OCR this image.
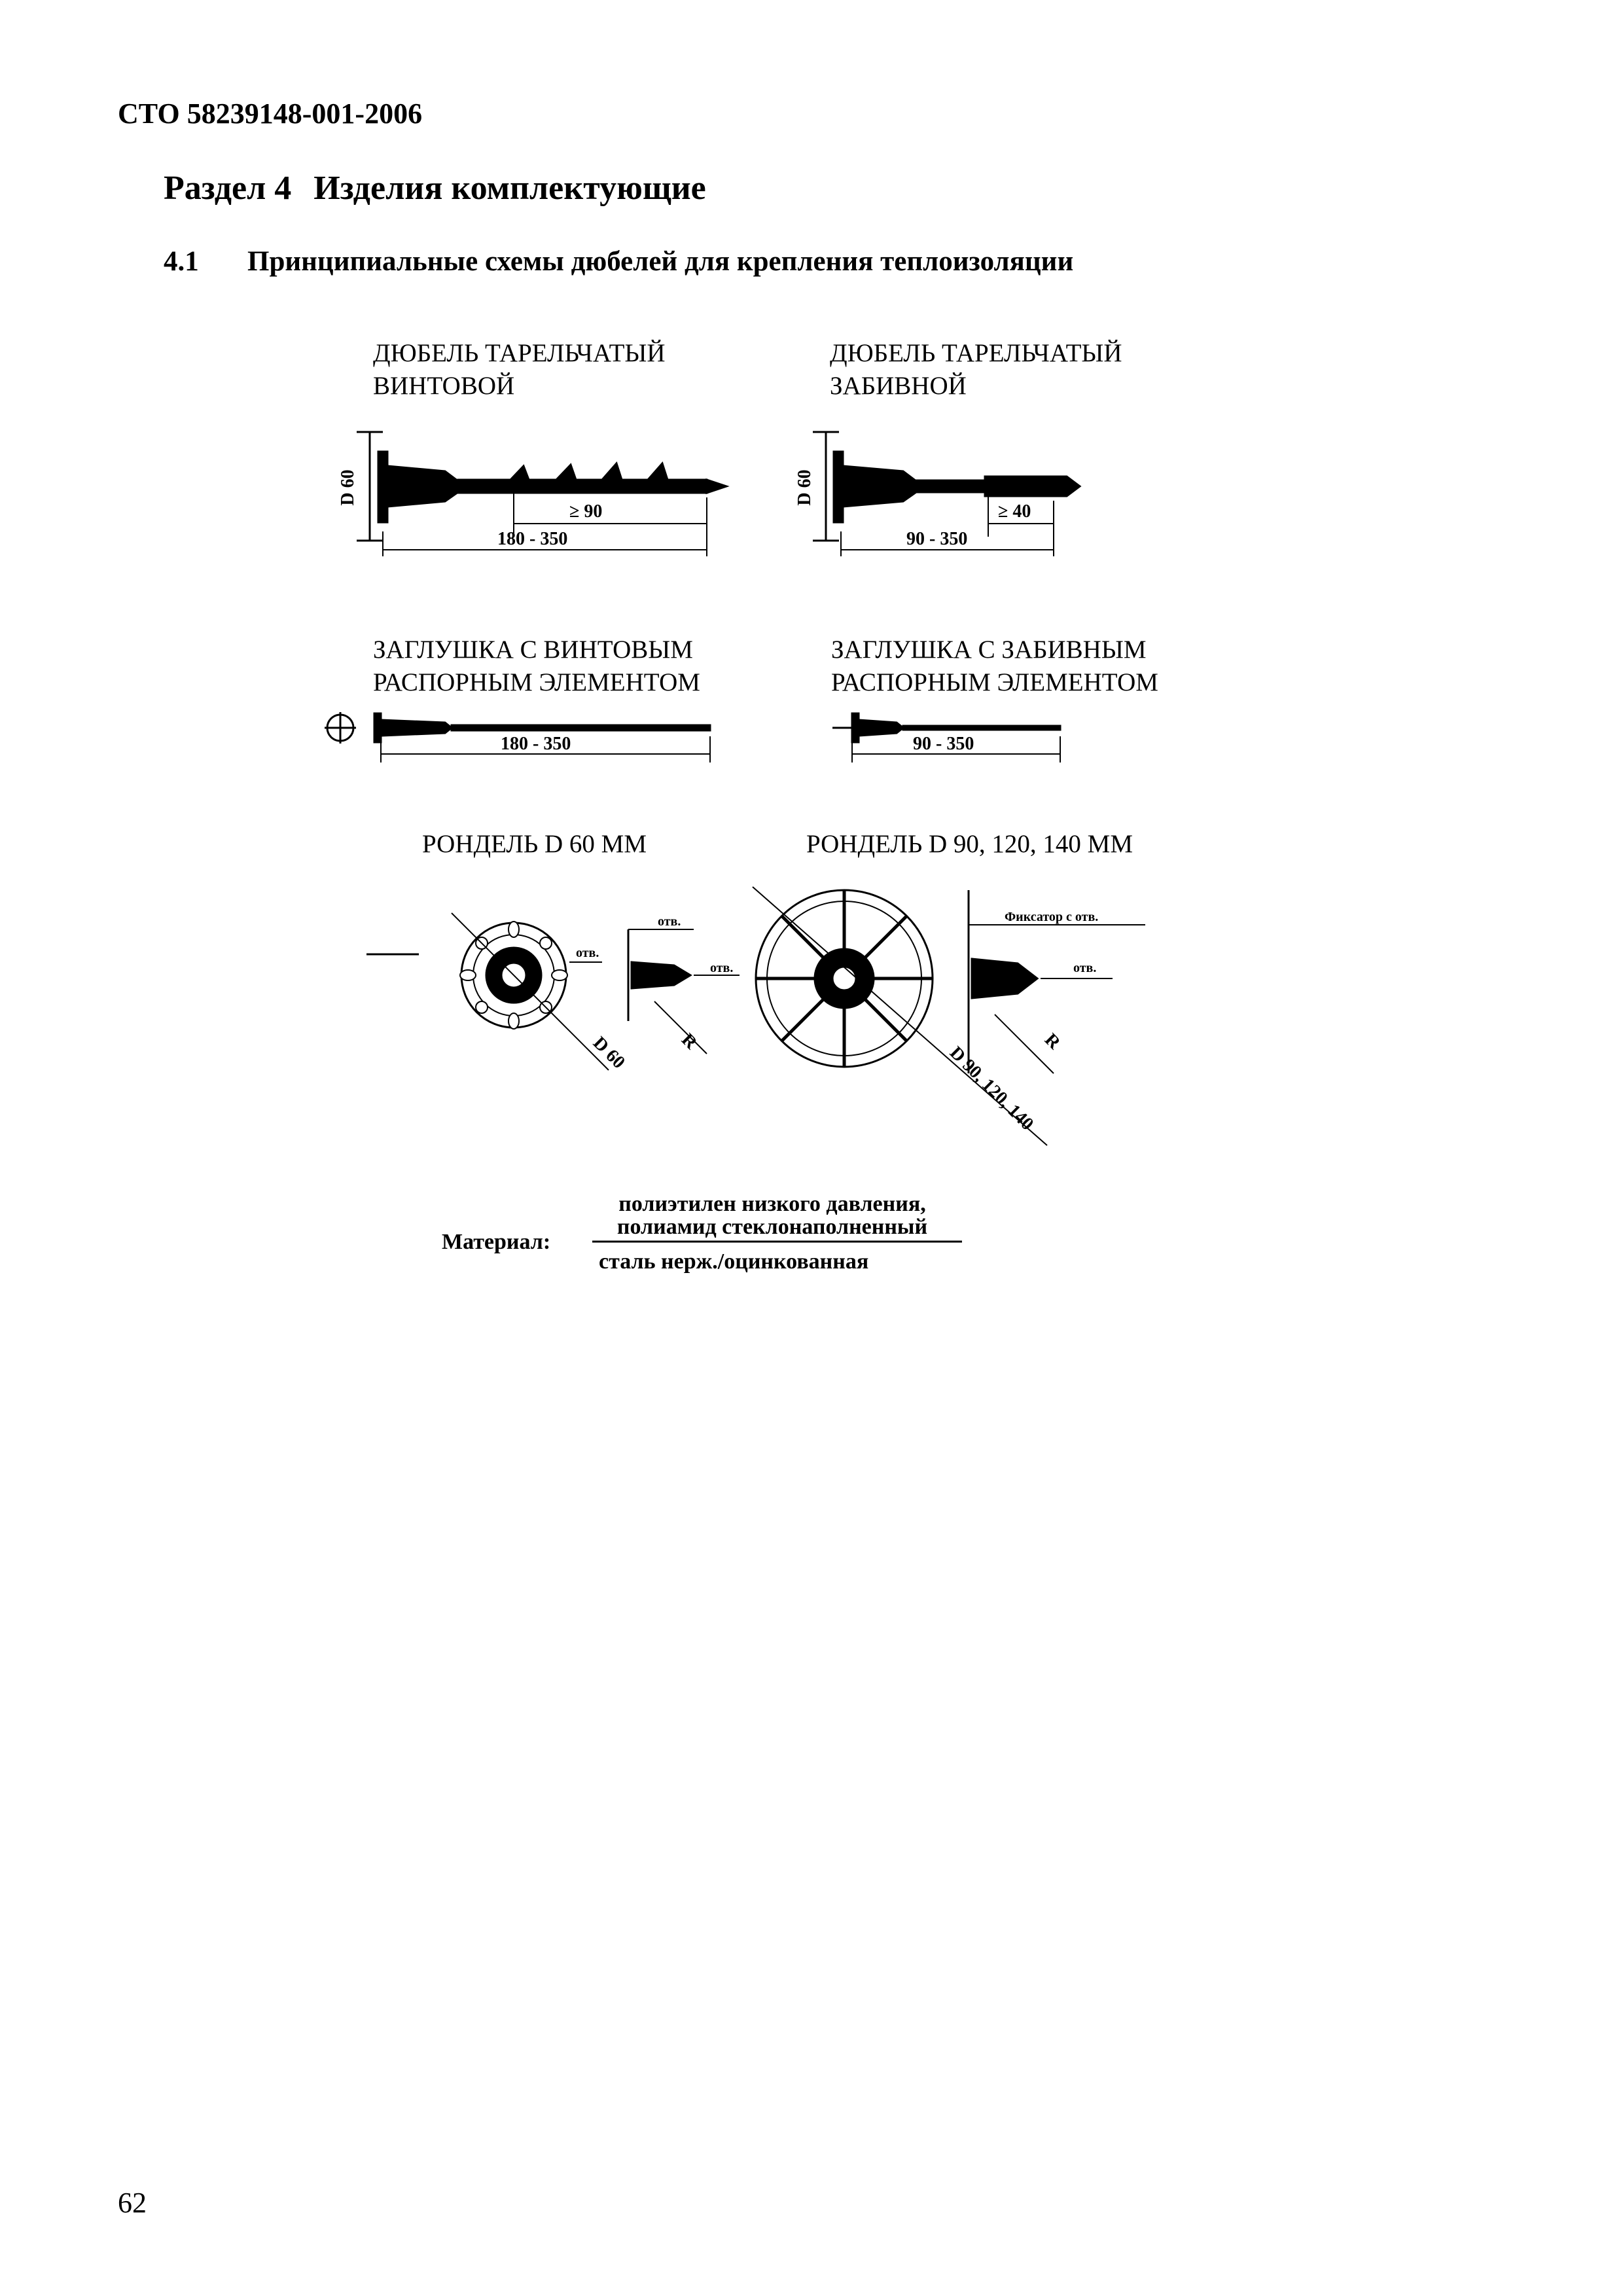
СТО 58239148-001-2006
Раздел 4 Изделия комплектующие
4.1 Принципиальные схемы дюбелей для крепления теплоизоляции
ДЮБЕЛЬ ТАРЕЛЬЧАТЫЙ
ВИНТОВОЙ
ДЮБЕЛЬ ТАРЕЛЬЧАТЫЙ
ЗАБИВНОЙ
ЗАГЛУШКА С ВИНТОВЫМ
РАСПОРНЫМ ЭЛЕМЕНТОМ
ЗАГЛУШКА С ЗАБИВНЫМ
РАСПОРНЫМ ЭЛЕМЕНТОМ
РОНДЕЛЬ D 60 ММ	РОНДЕЛЬ D 90, 120, 140 ММ
D 60
≥ 90
180 - 350
D 60
≥ 40
90 - 350
180 - 350	90 - 350
отв.
отв.
отв.
D 60	R
Фиксатор с отв.
отв.
D 90, 120, 140
R
полиэтилен низкого давления,
полиамид стеклонаполненный
сталь нерж./оцинкованная
Материал:
62
